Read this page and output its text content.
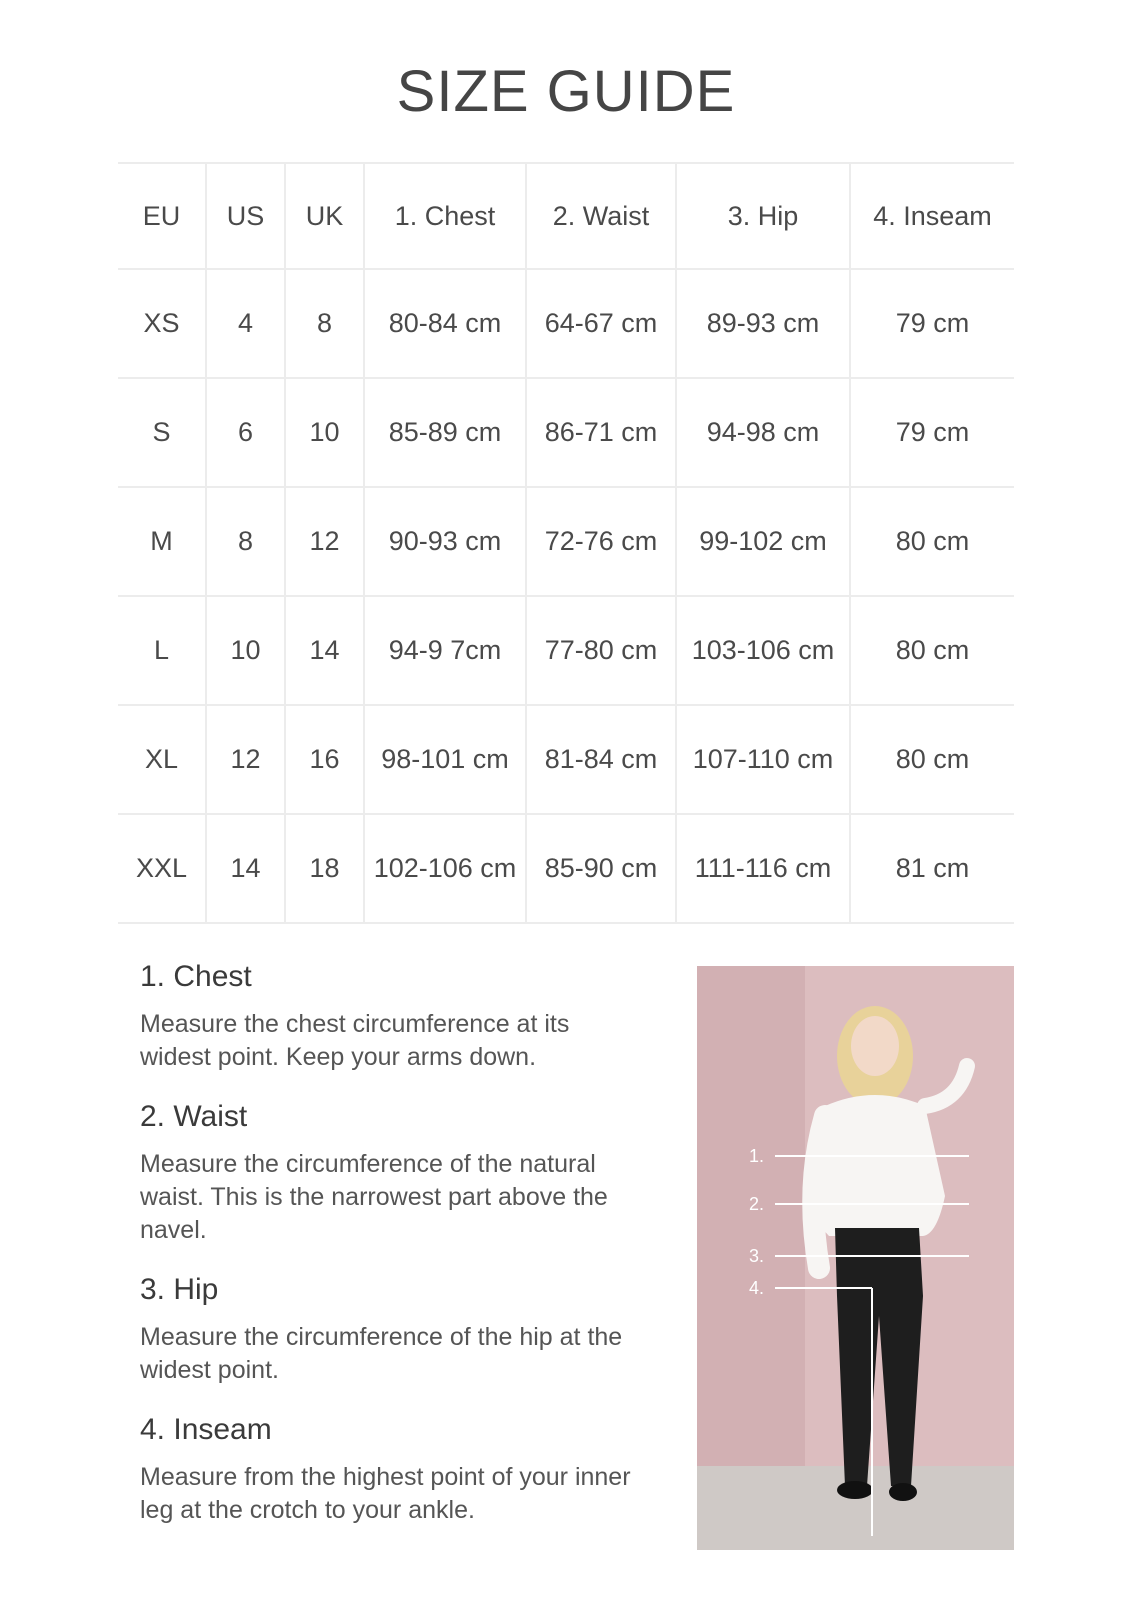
SIZE GUIDE
EU	US	UK	1. Chest	2. Waist	3. Hip	4. Inseam
XS	4	8	80-84 cm	64-67 cm	89-93 cm	79 cm
S	6	10	85-89 cm	86-71 cm	94-98 cm	79 cm
M	8	12	90-93 cm	72-76 cm	99-102 cm	80 cm
L	10	14	94-9 7cm	77-80 cm	103-106 cm	80 cm
XL	12	16	98-101 cm	81-84 cm	107-110 cm	80 cm
XXL	14	18	102-106 cm	85-90 cm	111-116 cm	81 cm
1. Chest
Measure the chest circumference at its widest point. Keep your arms down.
2. Waist
Measure the circumference of the natural waist. This is the narrowest part above the navel.
3. Hip
Measure the circumference of the hip at the widest point.
4. Inseam
Measure from the highest point of your inner leg at the crotch to your ankle.
1.
2.
3.
4.
